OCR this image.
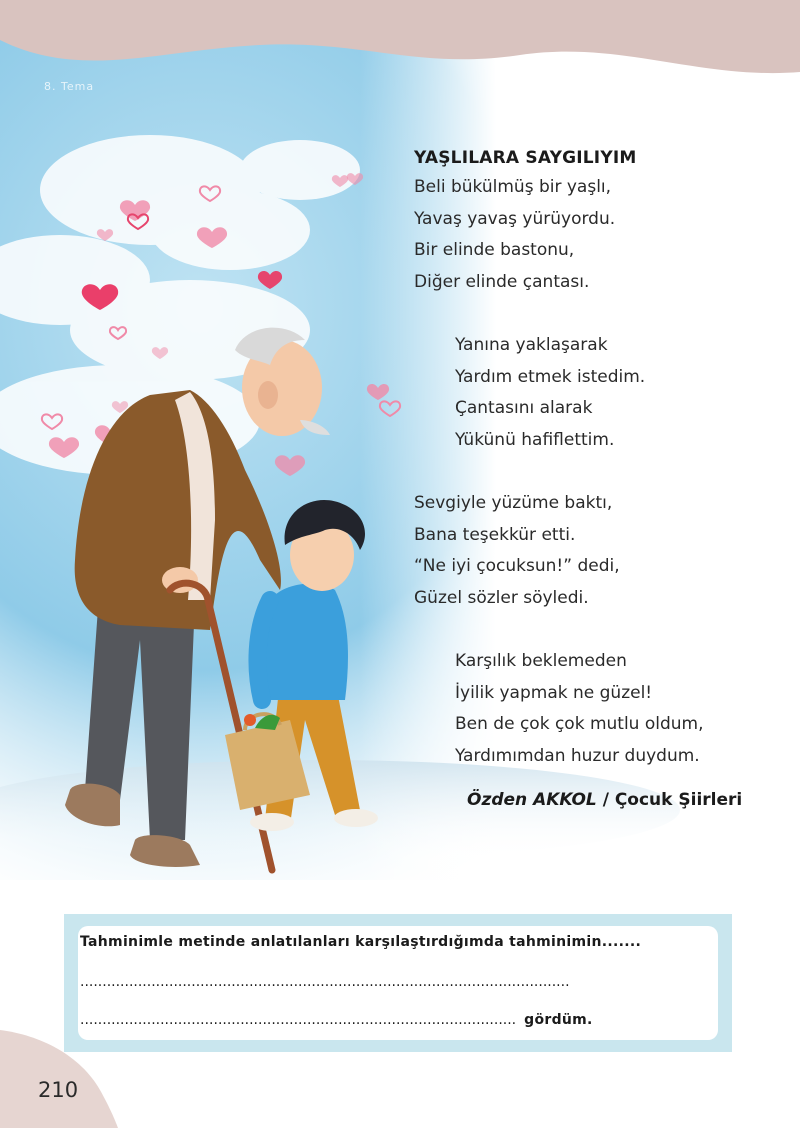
8. Tema
YAŞLILARA SAYGILIYIM
Beli bükülmüş bir yaşlı,
Yavaş yavaş yürüyordu.
Bir elinde bastonu,
Diğer elinde çantası.
Yanına yaklaşarak
Yardım etmek istedim.
Çantasını alarak
Yükünü hafiflettim.
Sevgiyle yüzüme baktı,
Bana teşekkür etti.
“Ne iyi çocuksun!” dedi,
Güzel sözler söyledi.
Karşılık beklemeden
İyilik yapmak ne güzel!
Ben de çok çok mutlu oldum,
Yardımımdan huzur duydum.
Özden AKKOL / Çocuk Şiirleri
Tahminimle metinde anlatılanları karşılaştırdığımda tahminimin.......
..............................................................................................................
.................................................................................................. gördüm.
210
